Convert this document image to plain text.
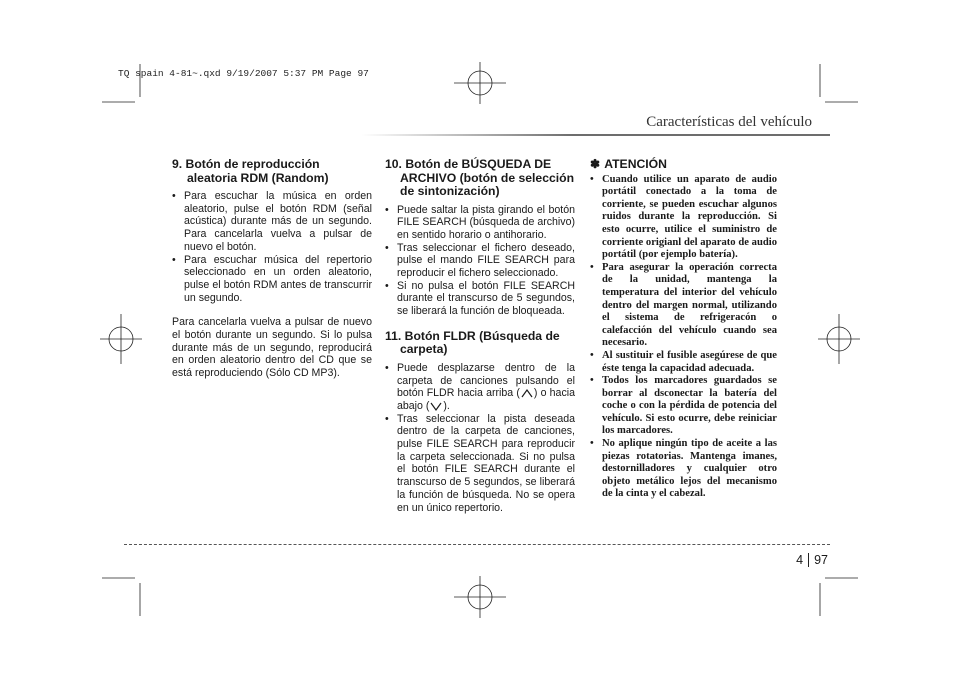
TQ spain 4-81~.qxd 9/19/2007 5:37 PM Page 97
Características del vehículo
9. Botón de reproducción aleatoria RDM (Random)
• Para escuchar la música en orden aleatorio, pulse el botón RDM (señal acústica) durante más de un segundo. Para cancelarla vuelva a pulsar de nuevo el botón.
• Para escuchar música del repertorio seleccionado en un orden aleatorio, pulse el botón RDM antes de transcurrir un segundo.

Para cancelarla vuelva a pulsar de nuevo el botón durante un segundo. Si lo pulsa durante más de un segundo, reproducirá en orden aleatorio dentro del CD que se está reproduciendo (Sólo CD MP3).

10. Botón de BÚSQUEDA DE ARCHIVO (botón de selección de sintonización)
• Puede saltar la pista girando el botón FILE SEARCH (búsqueda de archivo) en sentido horario o antihorario.
• Tras seleccionar el fichero deseado, pulse el mando FILE SEARCH para reproducir el fichero seleccionado.
• Si no pulsa el botón FILE SEARCH durante el transcurso de 5 segundos, se liberará la función de bloqueada.
11. Botón FLDR (Búsqueda de carpeta)
• Puede desplazarse dentro de la carpeta de canciones pulsando el botón FLDR hacia arriba ( ) o hacia abajo ( ).
• Tras seleccionar la pista deseada dentro de la carpeta de canciones, pulse FILE SEARCH para reproducir la carpeta seleccionada. Si no pulsa el botón FILE SEARCH durante el transcurso de 5 segundos, se liberará la función de búsqueda. No se opera en un único repertorio.
✽ ATENCIÓN
• Cuando utilice un aparato de audio portátil conectado a la toma de corriente, se pueden escuchar algunos ruidos durante la reproducción. Si esto ocurre, utilice el suministro de corriente origianl del aparato de audio portátil (por ejemplo batería).
• Para asegurar la operación correcta de la unidad, mantenga la temperatura del interior del vehículo dentro del margen normal, utilizando el sistema de refrigeracón o calefacción del vehículo cuando sea necesario.
• Al sustituir el fusible asegúrese de que éste tenga la capacidad adecuada.
• Todos los marcadores guardados se borrar al dsconectar la batería del coche o con la pérdida de potencia del vehículo. Si esto ocurre, debe reiniciar los marcadores.
• No aplique ningún tipo de aceite a las piezas rotatorias. Mantenga imanes, destornilladores y cualquier otro objeto metálico lejos del mecanismo de la cinta y el cabezal.
4 97
